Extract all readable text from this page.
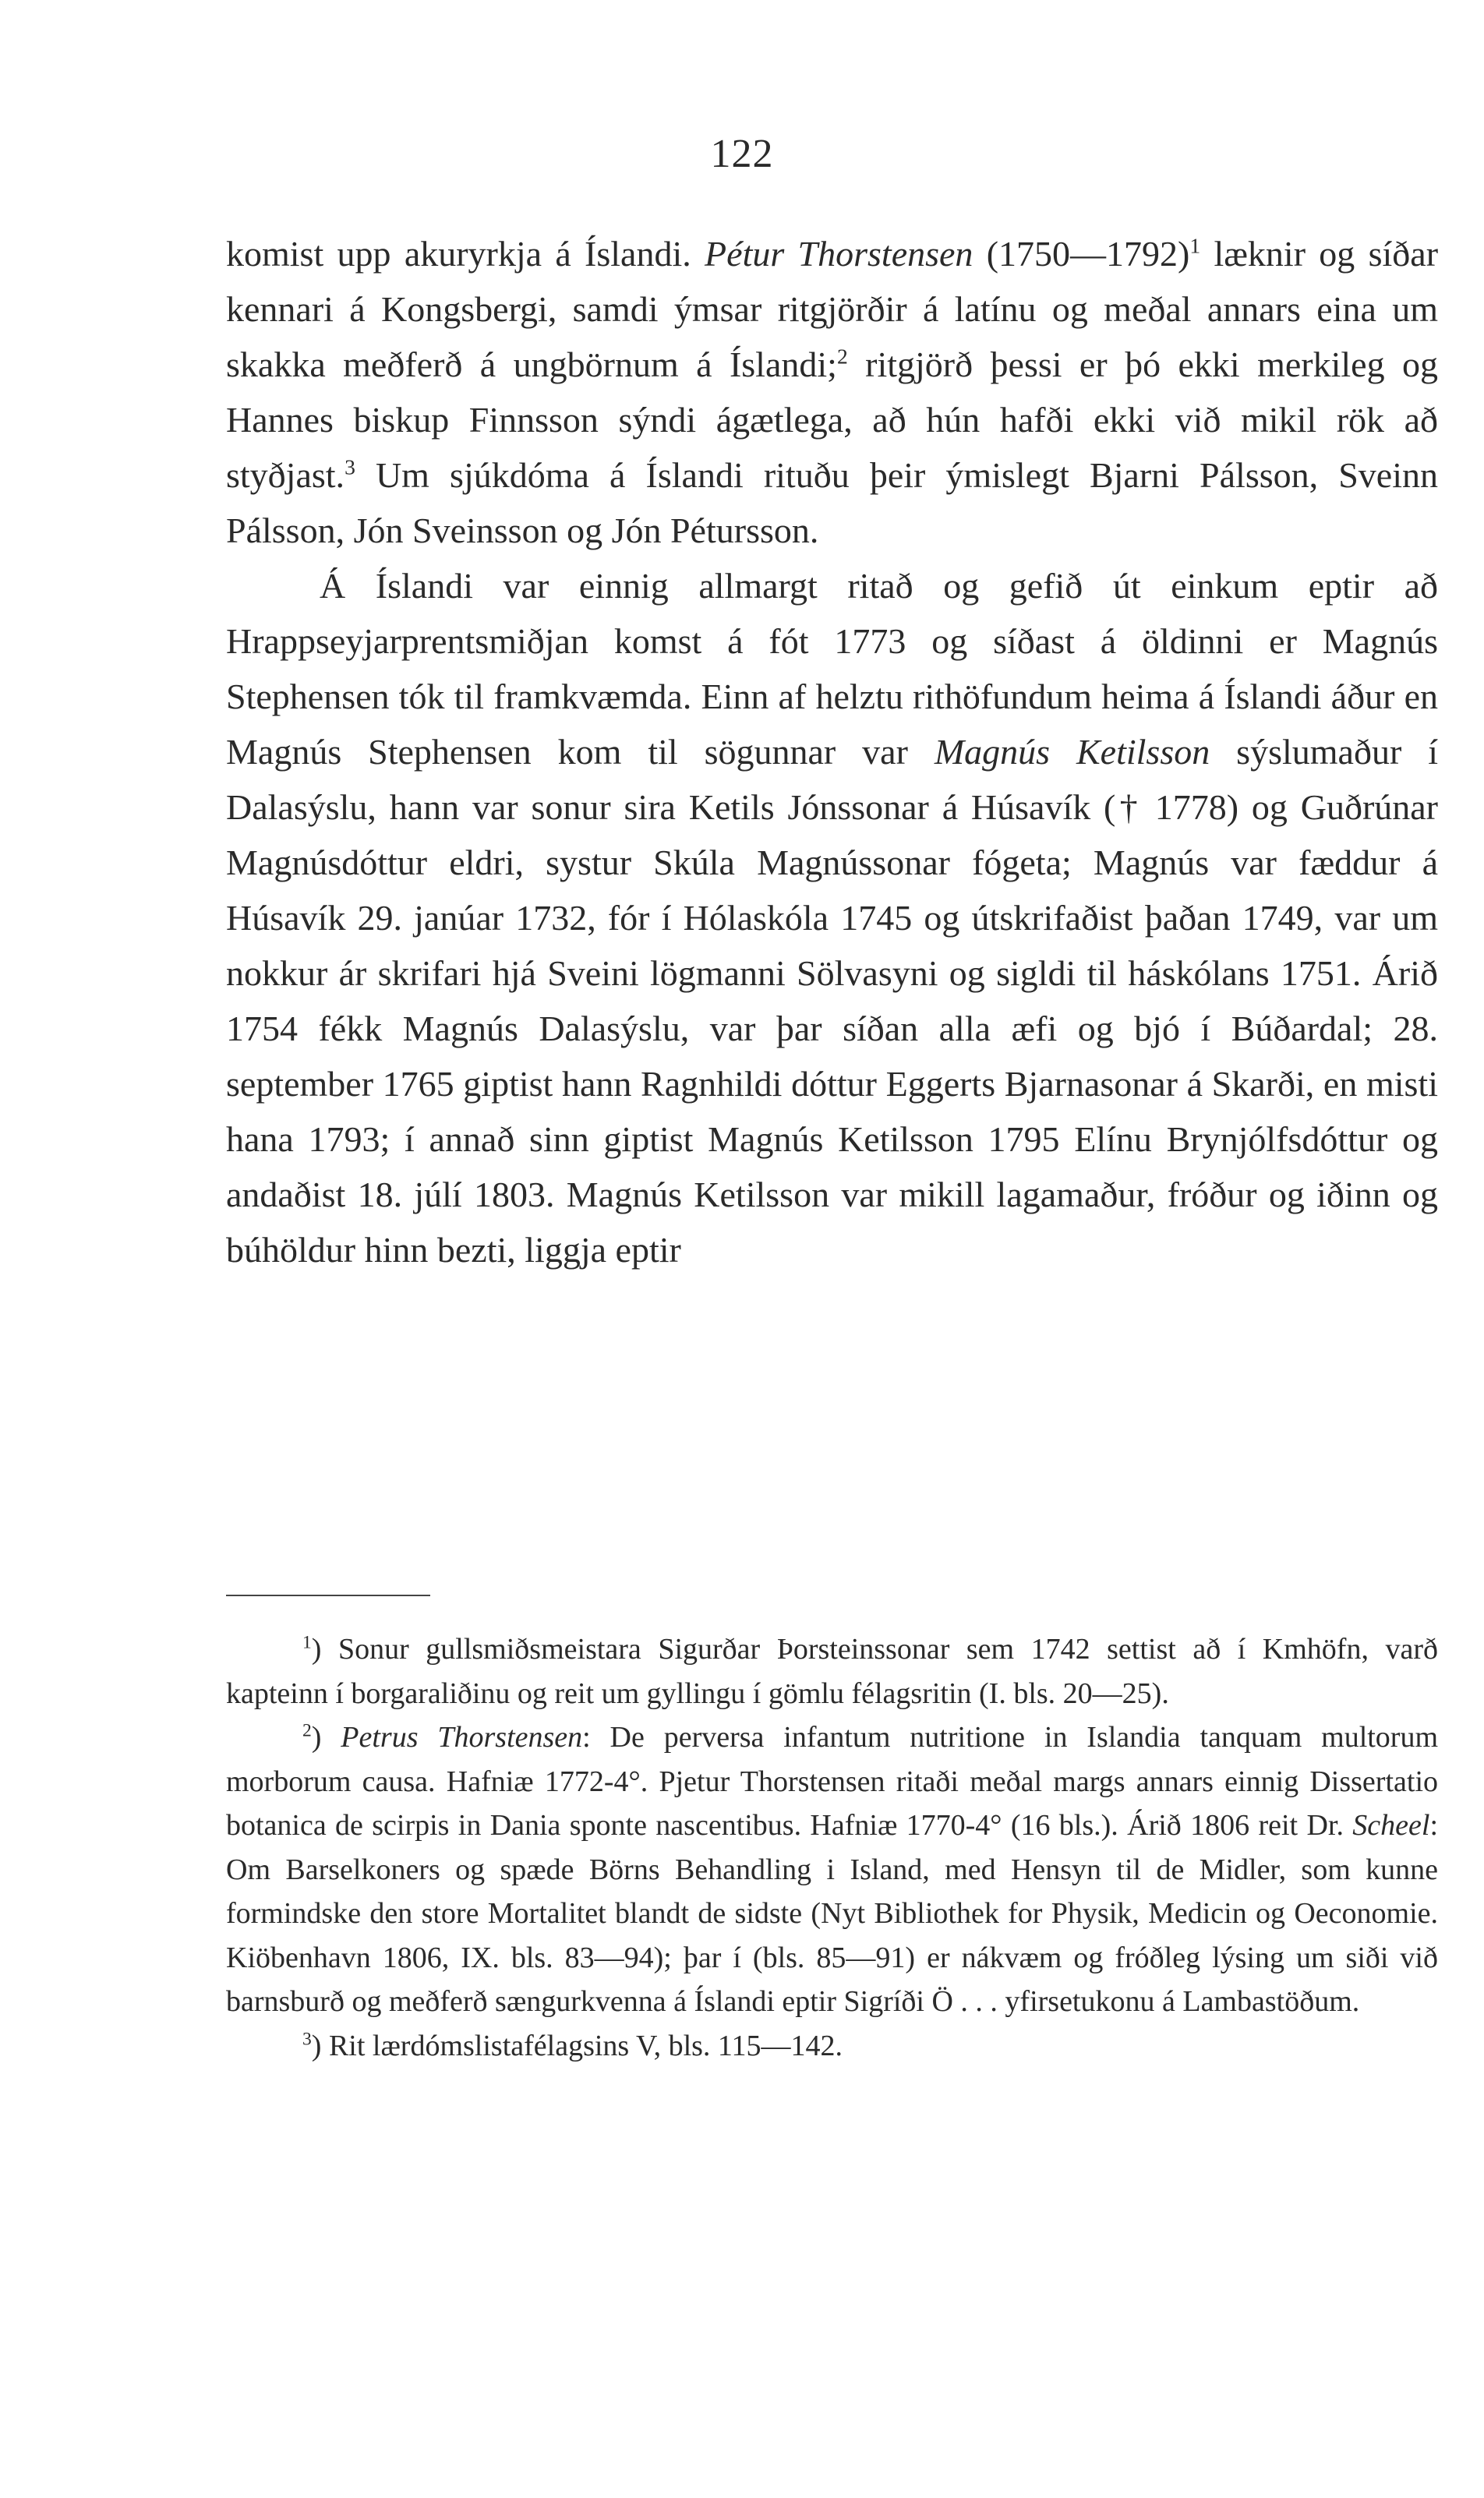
122

komist upp akuryrkja á Íslandi. Pétur Thorstensen (1750—1792)$^1$ læknir og síðar kennari á Kongsbergi, samdi ýmsar ritgjörðir á latínu og meðal annars eina um skakka meðferð á ungbörnum á Íslandi;$^2$ ritgjörð þessi er þó ekki merkileg og Hannes biskup Finnsson sýndi ágætlega, að hún hafði ekki við mikil rök að styðjast.$^3$ Um sjúkdóma á Íslandi rituðu þeir ýmislegt Bjarni Pálsson, Sveinn Pálsson, Jón Sveinsson og Jón Pétursson.

Á Íslandi var einnig allmargt ritað og gefið út einkum eptir að Hrappseyjarprentsmiðjan komst á fót 1773 og síðast á öldinni er Magnús Stephensen tók til framkvæmda. Einn af helztu rithöfundum heima á Íslandi áður en Magnús Stephensen kom til sögunnar var Magnús Ketilsson sýslumaður í Dalasýslu, hann var sonur sira Ketils Jónssonar á Húsavík († 1778) og Guðrúnar Magnúsdóttur eldri, systur Skúla Magnússonar fógeta; Magnús var fæddur á Húsavík 29. janúar 1732, fór í Hólaskóla 1745 og útskrifaðist þaðan 1749, var um nokkur ár skrifari hjá Sveini lögmanni Sölvasyni og sigldi til háskólans 1751. Árið 1754 fékk Magnús Dalasýslu, var þar síðan alla æfi og bjó í Búðardal; 28. september 1765 giptist hann Ragnhildi dóttur Eggerts Bjarnasonar á Skarði, en misti hana 1793; í annað sinn giptist Magnús Ketilsson 1795 Elínu Brynjólfsdóttur og andaðist 18. júlí 1803. Magnús Ketilsson var mikill lagamaður, fróður og iðinn og búhöldur hinn bezti, liggja eptir

$^1$) Sonur gullsmiðsmeistara Sigurðar Þorsteinssonar sem 1742 settist að í Kmhöfn, varð kapteinn í borgaraliðinu og reit um gyllingu í gömlu félagsritin (I. bls. 20—25).

$^2$) Petrus Thorstensen: De perversa infantum nutritione in Islandia tanquam multorum morborum causa. Hafniæ 1772-4°. Pjetur Thorstensen ritaði meðal margs annars einnig Dissertatio botanica de scirpis in Dania sponte nascentibus. Hafniæ 1770-4° (16 bls.). Árið 1806 reit Dr. Scheel: Om Barselkoners og spæde Börns Behandling i Island, med Hensyn til de Midler, som kunne formindske den store Mortalitet blandt de sidste (Nyt Bibliothek for Physik, Medicin og Oeconomie. Kiöbenhavn 1806, IX. bls. 83—94); þar í (bls. 85—91) er nákvæm og fróðleg lýsing um siði við barnsburð og meðferð sængurkvenna á Íslandi eptir Sigríði Ö . . . yfirsetukonu á Lambastöðum.

$^3$) Rit lærdómslistafélagsins V, bls. 115—142.
